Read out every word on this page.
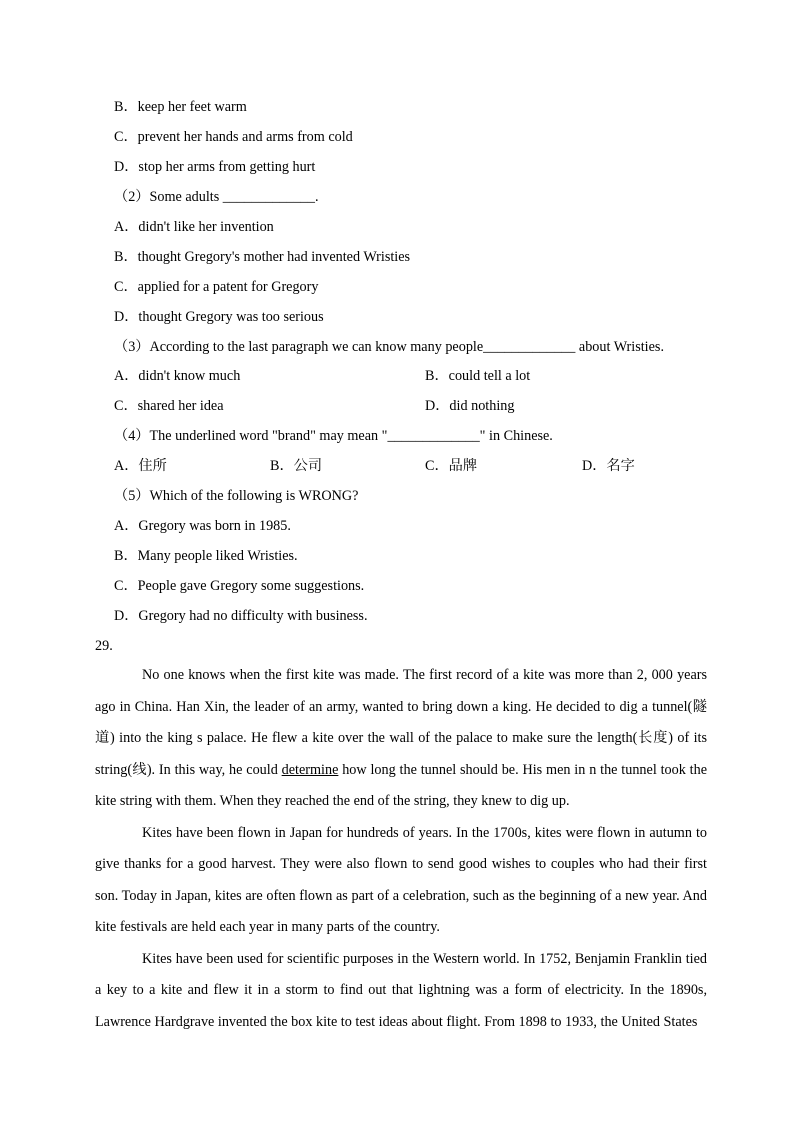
B．keep her feet warm
C．prevent her hands and arms from cold
D．stop her arms from getting hurt
（2）Some adults _____________.
A．didn't like her invention
B．thought Gregory's mother had invented Wristies
C．applied for a patent for Gregory
D．thought Gregory was too serious
（3）According to the last paragraph we can know many people_____________ about Wristies.
A．didn't know much	B．could tell a lot
C．shared her idea	D．did nothing
（4）The underlined word "brand" may mean "_____________" in Chinese.
A．住所	B．公司	C．品牌	D．名字
（5）Which of the following is WRONG?
A．Gregory was born in 1985.
B．Many people liked Wristies.
C．People gave Gregory some suggestions.
D．Gregory had no difficulty with business.
29.

No one knows when the first kite was made. The first record of a kite was more than 2, 000 years ago in China. Han Xin, the leader of an army, wanted to bring down a king. He decided to dig a tunnel(隧道) into the king s palace. He flew a kite over the wall of the palace to make sure the length(长度) of its string(线). In this way, he could determine how long the tunnel should be. His men in n the tunnel took the kite string with them. When they reached the end of the string, they knew to dig up.

Kites have been flown in Japan for hundreds of years. In the 1700s, kites were flown in autumn to give thanks for a good harvest. They were also flown to send good wishes to couples who had their first son. Today in Japan, kites are often flown as part of a celebration, such as the beginning of a new year. And kite festivals are held each year in many parts of the country.

Kites have been used for scientific purposes in the Western world. In 1752, Benjamin Franklin tied a key to a kite and flew it in a storm to find out that lightning was a form of electricity. In the 1890s, Lawrence Hardgrave invented the box kite to test ideas about flight. From 1898 to 1933, the United States
